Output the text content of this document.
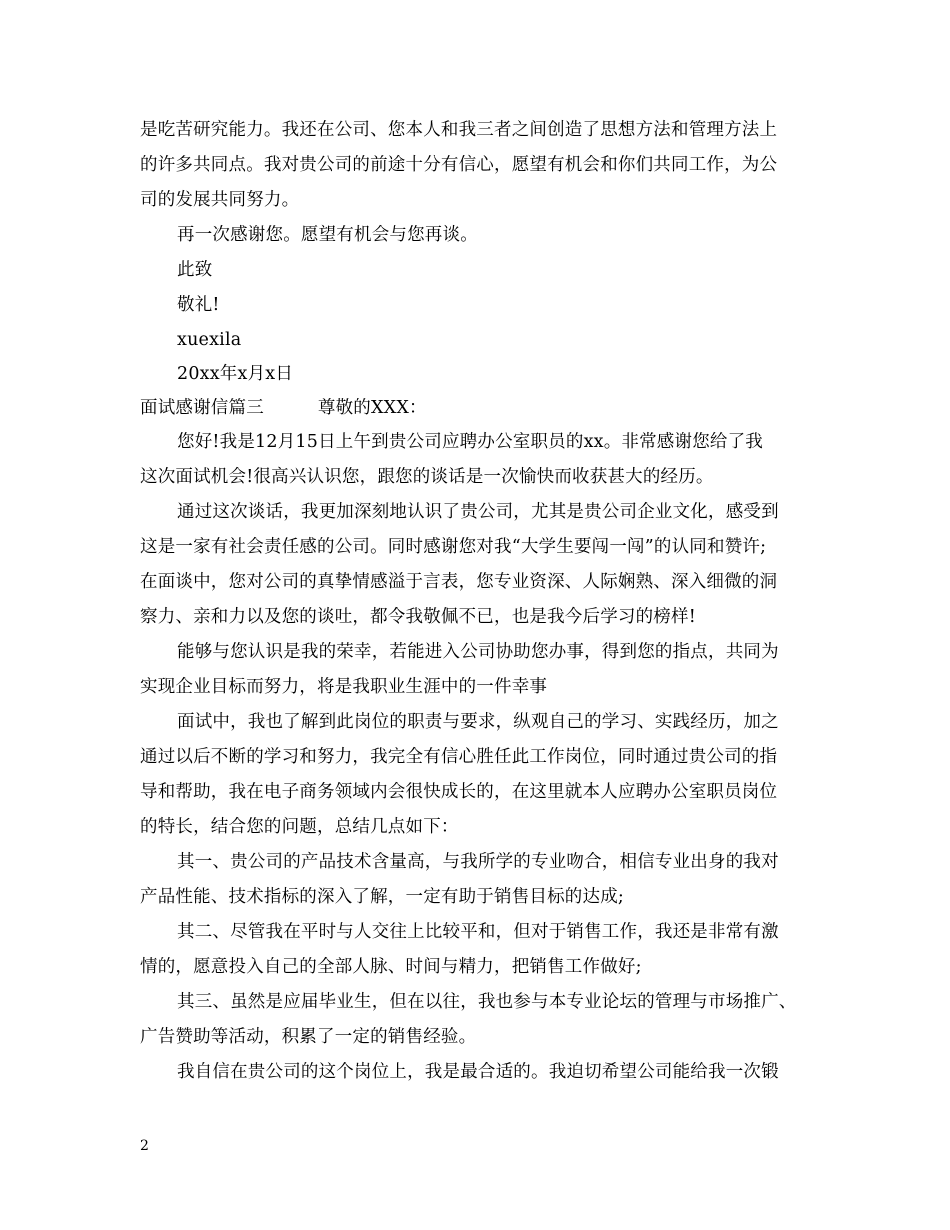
是吃苦研究能力。我还在公司、您本人和我三者之间创造了思想方法和管理方法上
的许多共同点。我对贵公司的前途十分有信心，愿望有机会和你们共同工作，为公
司的发展共同努力。
再一次感谢您。愿望有机会与您再谈。
此致
敬礼!
xuexila
20xx年x月x日
面试感谢信篇三	尊敬的XXX：
您好!我是12月15日上午到贵公司应聘办公室职员的xx。非常感谢您给了我
这次面试机会!很高兴认识您，跟您的谈话是一次愉快而收获甚大的经历。
通过这次谈话，我更加深刻地认识了贵公司，尤其是贵公司企业文化，感受到
这是一家有社会责任感的公司。同时感谢您对我“大学生要闯一闯”的认同和赞许;
在面谈中，您对公司的真挚情感溢于言表，您专业资深、人际娴熟、深入细微的洞
察力、亲和力以及您的谈吐，都令我敬佩不已，也是我今后学习的榜样!
能够与您认识是我的荣幸，若能进入公司协助您办事，得到您的指点，共同为
实现企业目标而努力，将是我职业生涯中的一件幸事
面试中，我也了解到此岗位的职责与要求，纵观自己的学习、实践经历，加之
通过以后不断的学习和努力，我完全有信心胜任此工作岗位，同时通过贵公司的指
导和帮助，我在电子商务领域内会很快成长的，在这里就本人应聘办公室职员岗位
的特长，结合您的问题，总结几点如下：
其一、贵公司的产品技术含量高，与我所学的专业吻合，相信专业出身的我对
产品性能、技术指标的深入了解，一定有助于销售目标的达成;
其二、尽管我在平时与人交往上比较平和，但对于销售工作，我还是非常有激
情的，愿意投入自己的全部人脉、时间与精力，把销售工作做好;
其三、虽然是应届毕业生，但在以往，我也参与本专业论坛的管理与市场推广、
广告赞助等活动，积累了一定的销售经验。
我自信在贵公司的这个岗位上，我是最合适的。我迫切希望公司能给我一次锻
2
